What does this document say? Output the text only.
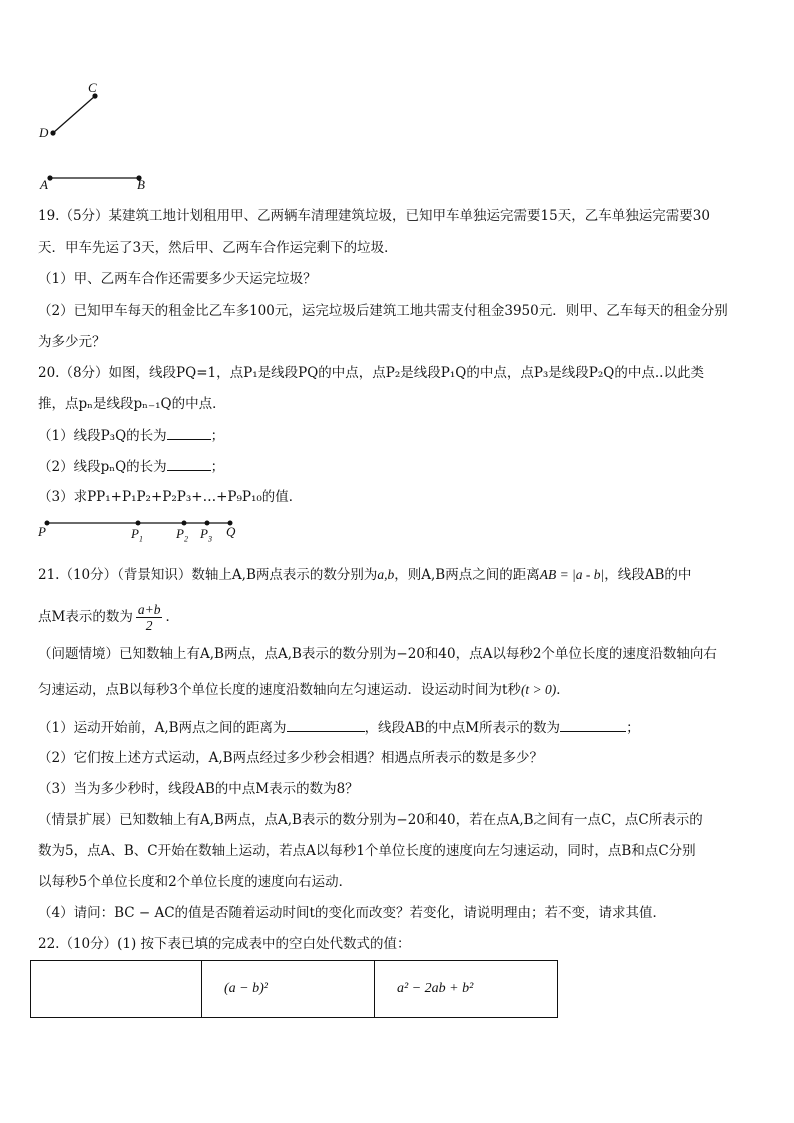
C
D
A	B
19.（5分）某建筑工地计划租用甲、乙两辆车清理建筑垃圾，已知甲车单独运完需要15天，乙车单独运完需要30
天．甲车先运了3天，然后甲、乙两车合作运完剩下的垃圾．
（1）甲、乙两车合作还需要多少天运完垃圾？
（2）已知甲车每天的租金比乙车多100元，运完垃圾后建筑工地共需支付租金3950元．则甲、乙车每天的租金分别
为多少元？
20.（8分）如图，线段PQ=1，点P₁是线段PQ的中点，点P₂是线段P₁Q的中点，点P₃是线段P₂Q的中点..以此类
推，点pₙ是线段pₙ₋₁Q的中点．
（1）线段P₃Q的长为	；
（2）线段pₙQ的长为	；
（3）求PP₁+P₁P₂+P₂P₃+…+P₉P₁₀的值．
P	$P_1$	$P_2$ $P_3$
Q
21.（10分）（背景知识）数轴上A,B两点表示的数分别为a,b，则A,B两点之间的距离AB = |a - b|，线段AB的中
点M表示的数为 $\frac{a+b}{2}$ ．
（问题情境）已知数轴上有A,B两点，点A,B表示的数分别为−20和40，点A以每秒2个单位长度的速度沿数轴向右
匀速运动，点B以每秒3个单位长度的速度沿数轴向左匀速运动．设运动时间为t秒(t > 0)．
（1）运动开始前，A,B两点之间的距离为	，线段AB的中点M所表示的数为	；
（2）它们按上述方式运动，A,B两点经过多少秒会相遇？相遇点所表示的数是多少？
（3）当为多少秒时，线段AB的中点M表示的数为8？
（情景扩展）已知数轴上有A,B两点，点A,B表示的数分别为−20和40，若在点A,B之间有一点C，点C所表示的
数为5，点A、B、C开始在数轴上运动，若点A以每秒1个单位长度的速度向左匀速运动，同时，点B和点C分别
以每秒5个单位长度和2个单位长度的速度向右运动．
（4）请问：BC − AC的值是否随着运动时间t的变化而改变？若变化，请说明理由；若不变，请求其值．
22.（10分）(1) 按下表已填的完成表中的空白处代数式的值：
	(a − b)²	a² − 2ab + b²
